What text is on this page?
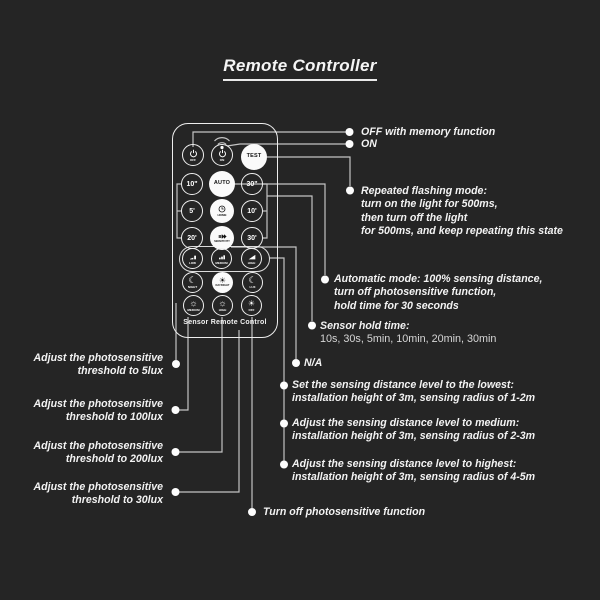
Remote Controller
OFF	ON
TEST
10"	AUTO 30"
5'
HOME
10'
20'
SENSITIVITY
30'
LOW	MEDIUM	HIGH
☾
NIGHT
☀
DAY/NIGHT
☾
LUX
☼
MEDIUM
☼
HIGH
☀
OFF
Sensor Remote Control
Adjust the photosensitive
threshold to 5lux
Adjust the photosensitive
threshold to 100lux
Adjust the photosensitive
threshold to 200lux
Adjust the photosensitive
threshold to 30lux
OFF with memory function
ON
Repeated flashing mode:
turn on the light for 500ms,
then turn off the light
for 500ms, and keep repeating this state
Automatic mode: 100% sensing distance,
turn off photosensitive function,
hold time for 30 seconds
Sensor hold time:
10s, 30s, 5min, 10min, 20min, 30min
N/A
Set the sensing distance level to the lowest:
installation height of 3m, sensing radius of 1-2m
Adjust the sensing distance level to medium:
installation height of 3m, sensing radius of 2-3m
Adjust the sensing distance level to highest:
installation height of 3m, sensing radius of 4-5m
Turn off photosensitive function
